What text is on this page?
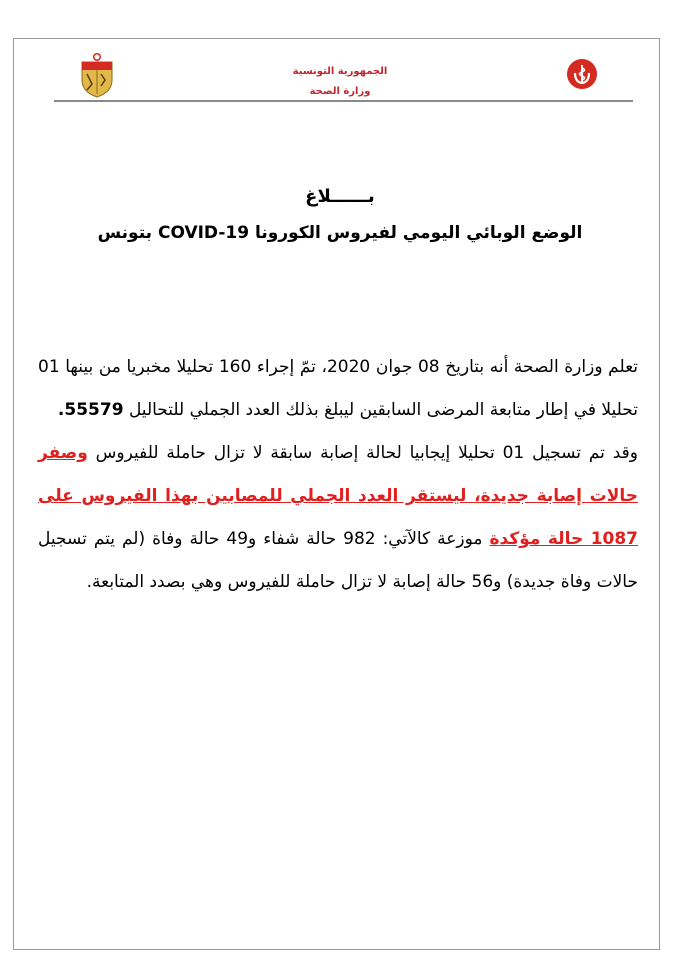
الجمهورية التونسية
وزارة الصحة
بــــــلاغ
الوضع الوبائي اليومي لفيروس الكورونا COVID-19 بتونس

تعلم وزارة الصحة أنه بتاريخ 08 جوان 2020، تمّ إجراء 160 تحليلا مخبريا من بينها 01 تحليلا في إطار متابعة المرضى السابقين ليبلغ بذلك العدد الجملي للتحاليل 55579.

وقد تم تسجيل 01 تحليلا إيجابيا لحالة إصابة سابقة لا تزال حاملة للفيروس وصفر حالات إصابة جديدة، ليستقر العدد الجملي للمصابين بهذا الفيروس على 1087 حالة مؤكدة موزعة كالآتي: 982 حالة شفاء و49 حالة وفاة (لم يتم تسجيل حالات وفاة جديدة) و56 حالة إصابة لا تزال حاملة للفيروس وهي بصدد المتابعة.
